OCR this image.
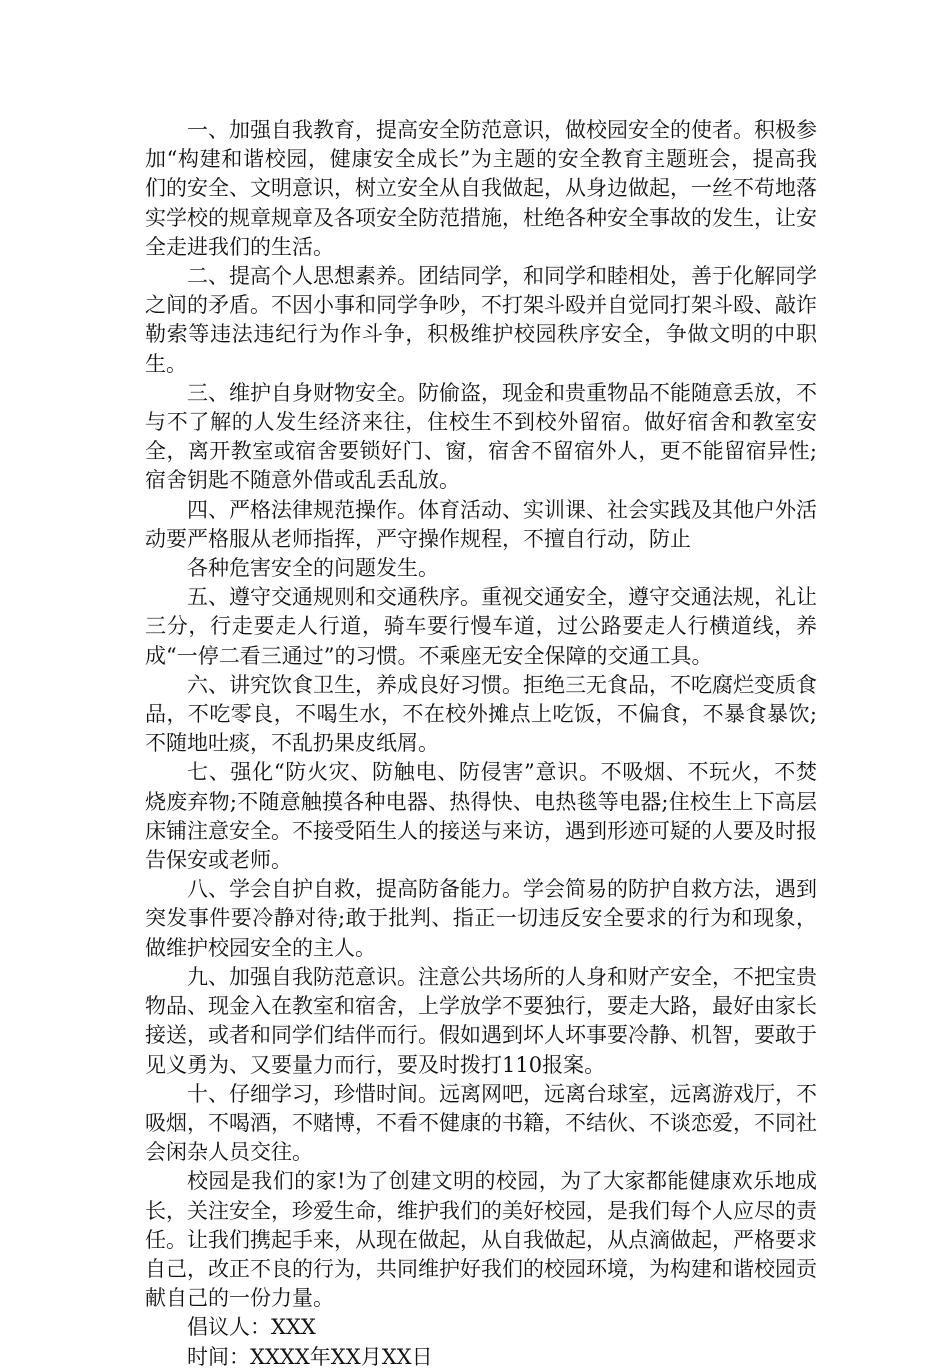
一、加强自我教育，提高安全防范意识，做校园安全的使者。积极参加“构建和谐校园，健康安全成长”为主题的安全教育主题班会，提高我们的安全、文明意识，树立安全从自我做起，从身边做起，一丝不苟地落实学校的规章规章及各项安全防范措施，杜绝各种安全事故的发生，让安全走进我们的生活。

二、提高个人思想素养。团结同学，和同学和睦相处，善于化解同学之间的矛盾。不因小事和同学争吵，不打架斗殴并自觉同打架斗殴、敲诈勒索等违法违纪行为作斗争，积极维护校园秩序安全，争做文明的中职生。

三、维护自身财物安全。防偷盗，现金和贵重物品不能随意丢放，不与不了解的人发生经济来往，住校生不到校外留宿。做好宿舍和教室安全，离开教室或宿舍要锁好门、窗，宿舍不留宿外人，更不能留宿异性;宿舍钥匙不随意外借或乱丢乱放。

四、严格法律规范操作。体育活动、实训课、社会实践及其他户外活动要严格服从老师指挥，严守操作规程，不擅自行动，防止

各种危害安全的问题发生。

五、遵守交通规则和交通秩序。重视交通安全，遵守交通法规，礼让三分，行走要走人行道，骑车要行慢车道，过公路要走人行横道线，养成“一停二看三通过”的习惯。不乘座无安全保障的交通工具。

六、讲究饮食卫生，养成良好习惯。拒绝三无食品，不吃腐烂变质食品，不吃零良，不喝生水，不在校外摊点上吃饭，不偏食，不暴食暴饮;不随地吐痰，不乱扔果皮纸屑。

七、强化“防火灾、防触电、防侵害”意识。不吸烟、不玩火，不焚烧废弃物;不随意触摸各种电器、热得快、电热毯等电器;住校生上下高层床铺注意安全。不接受陌生人的接送与来访，遇到形迹可疑的人要及时报告保安或老师。

八、学会自护自救，提高防备能力。学会简易的防护自救方法，遇到突发事件要冷静对待;敢于批判、指正一切违反安全要求的行为和现象，做维护校园安全的主人。

九、加强自我防范意识。注意公共场所的人身和财产安全，不把宝贵物品、现金入在教室和宿舍，上学放学不要独行，要走大路，最好由家长接送，或者和同学们结伴而行。假如遇到坏人坏事要冷静、机智，要敢于见义勇为、又要量力而行，要及时拨打110报案。

十、仔细学习，珍惜时间。远离网吧，远离台球室，远离游戏厅，不吸烟，不喝酒，不赌博，不看不健康的书籍，不结伙、不谈恋爱，不同社会闲杂人员交往。

校园是我们的家!为了创建文明的校园，为了大家都能健康欢乐地成长，关注安全，珍爱生命，维护我们的美好校园，是我们每个人应尽的责任。让我们携起手来，从现在做起，从自我做起，从点滴做起，严格要求自己，改正不良的行为，共同维护好我们的校园环境，为构建和谐校园贡献自己的一份力量。

倡议人：XXX

时间：XXXX年XX月XX日
